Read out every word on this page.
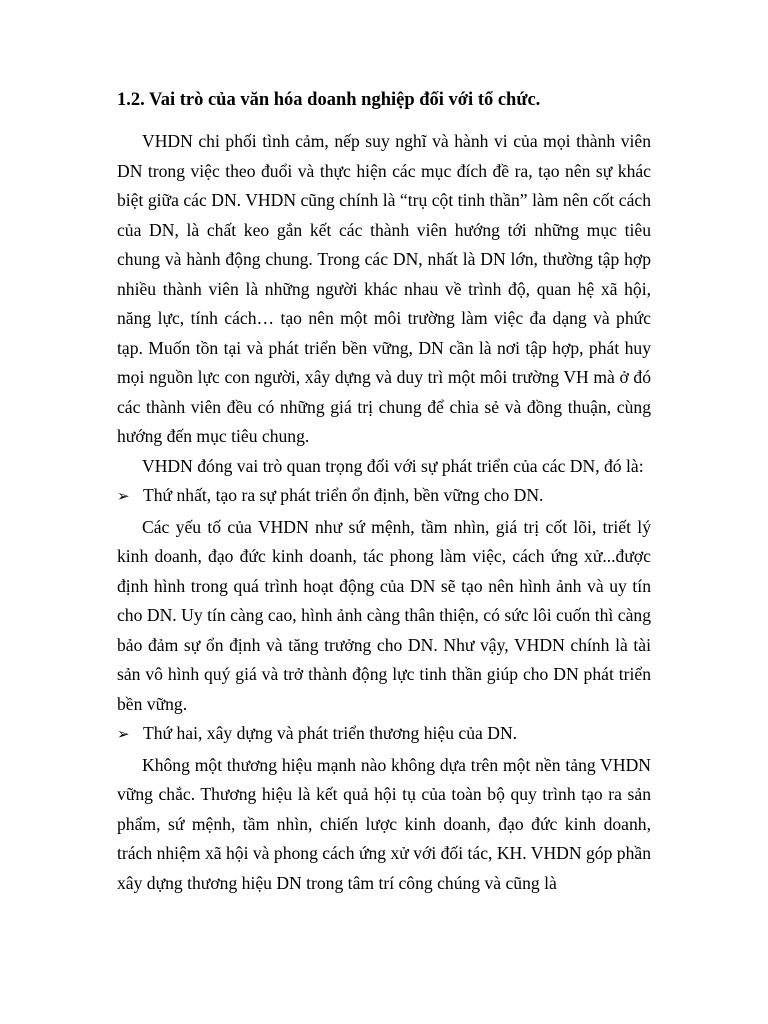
1.2. Vai trò của văn hóa doanh nghiệp đối với tổ chức.

VHDN chi phối tình cảm, nếp suy nghĩ và hành vi của mọi thành viên DN trong việc theo đuổi và thực hiện các mục đích đề ra, tạo nên sự khác biệt giữa các DN. VHDN cũng chính là “trụ cột tinh thần” làm nên cốt cách của DN, là chất keo gắn kết các thành viên hướng tới những mục tiêu chung và hành động chung. Trong các DN, nhất là DN lớn, thường tập hợp nhiều thành viên là những người khác nhau về trình độ, quan hệ xã hội, năng lực, tính cách… tạo nên một môi trường làm việc đa dạng và phức tạp. Muốn tồn tại và phát triển bền vững, DN cần là nơi tập hợp, phát huy mọi nguồn lực con người, xây dựng và duy trì một môi trường VH mà ở đó các thành viên đều có những giá trị chung để chia sẻ và đồng thuận, cùng hướng đến mục tiêu chung.

VHDN đóng vai trò quan trọng đối với sự phát triển của các DN, đó là:

➢ Thứ nhất, tạo ra sự phát triển ổn định, bền vững cho DN.

Các yếu tố của VHDN như sứ mệnh, tầm nhìn, giá trị cốt lõi, triết lý kinh doanh, đạo đức kinh doanh, tác phong làm việc, cách ứng xử...được định hình trong quá trình hoạt động của DN sẽ tạo nên hình ảnh và uy tín cho DN. Uy tín càng cao, hình ảnh càng thân thiện, có sức lôi cuốn thì càng bảo đảm sự ổn định và tăng trưởng cho DN. Như vậy, VHDN chính là tài sản vô hình quý giá và trở thành động lực tinh thần giúp cho DN phát triển bền vững.

➢ Thứ hai, xây dựng và phát triển thương hiệu của DN.

Không một thương hiệu mạnh nào không dựa trên một nền tảng VHDN vững chắc. Thương hiệu là kết quả hội tụ của toàn bộ quy trình tạo ra sản phẩm, sứ mệnh, tầm nhìn, chiến lược kinh doanh, đạo đức kinh doanh, trách nhiệm xã hội và phong cách ứng xử với đối tác, KH. VHDN góp phần xây dựng thương hiệu DN trong tâm trí công chúng và cũng là
